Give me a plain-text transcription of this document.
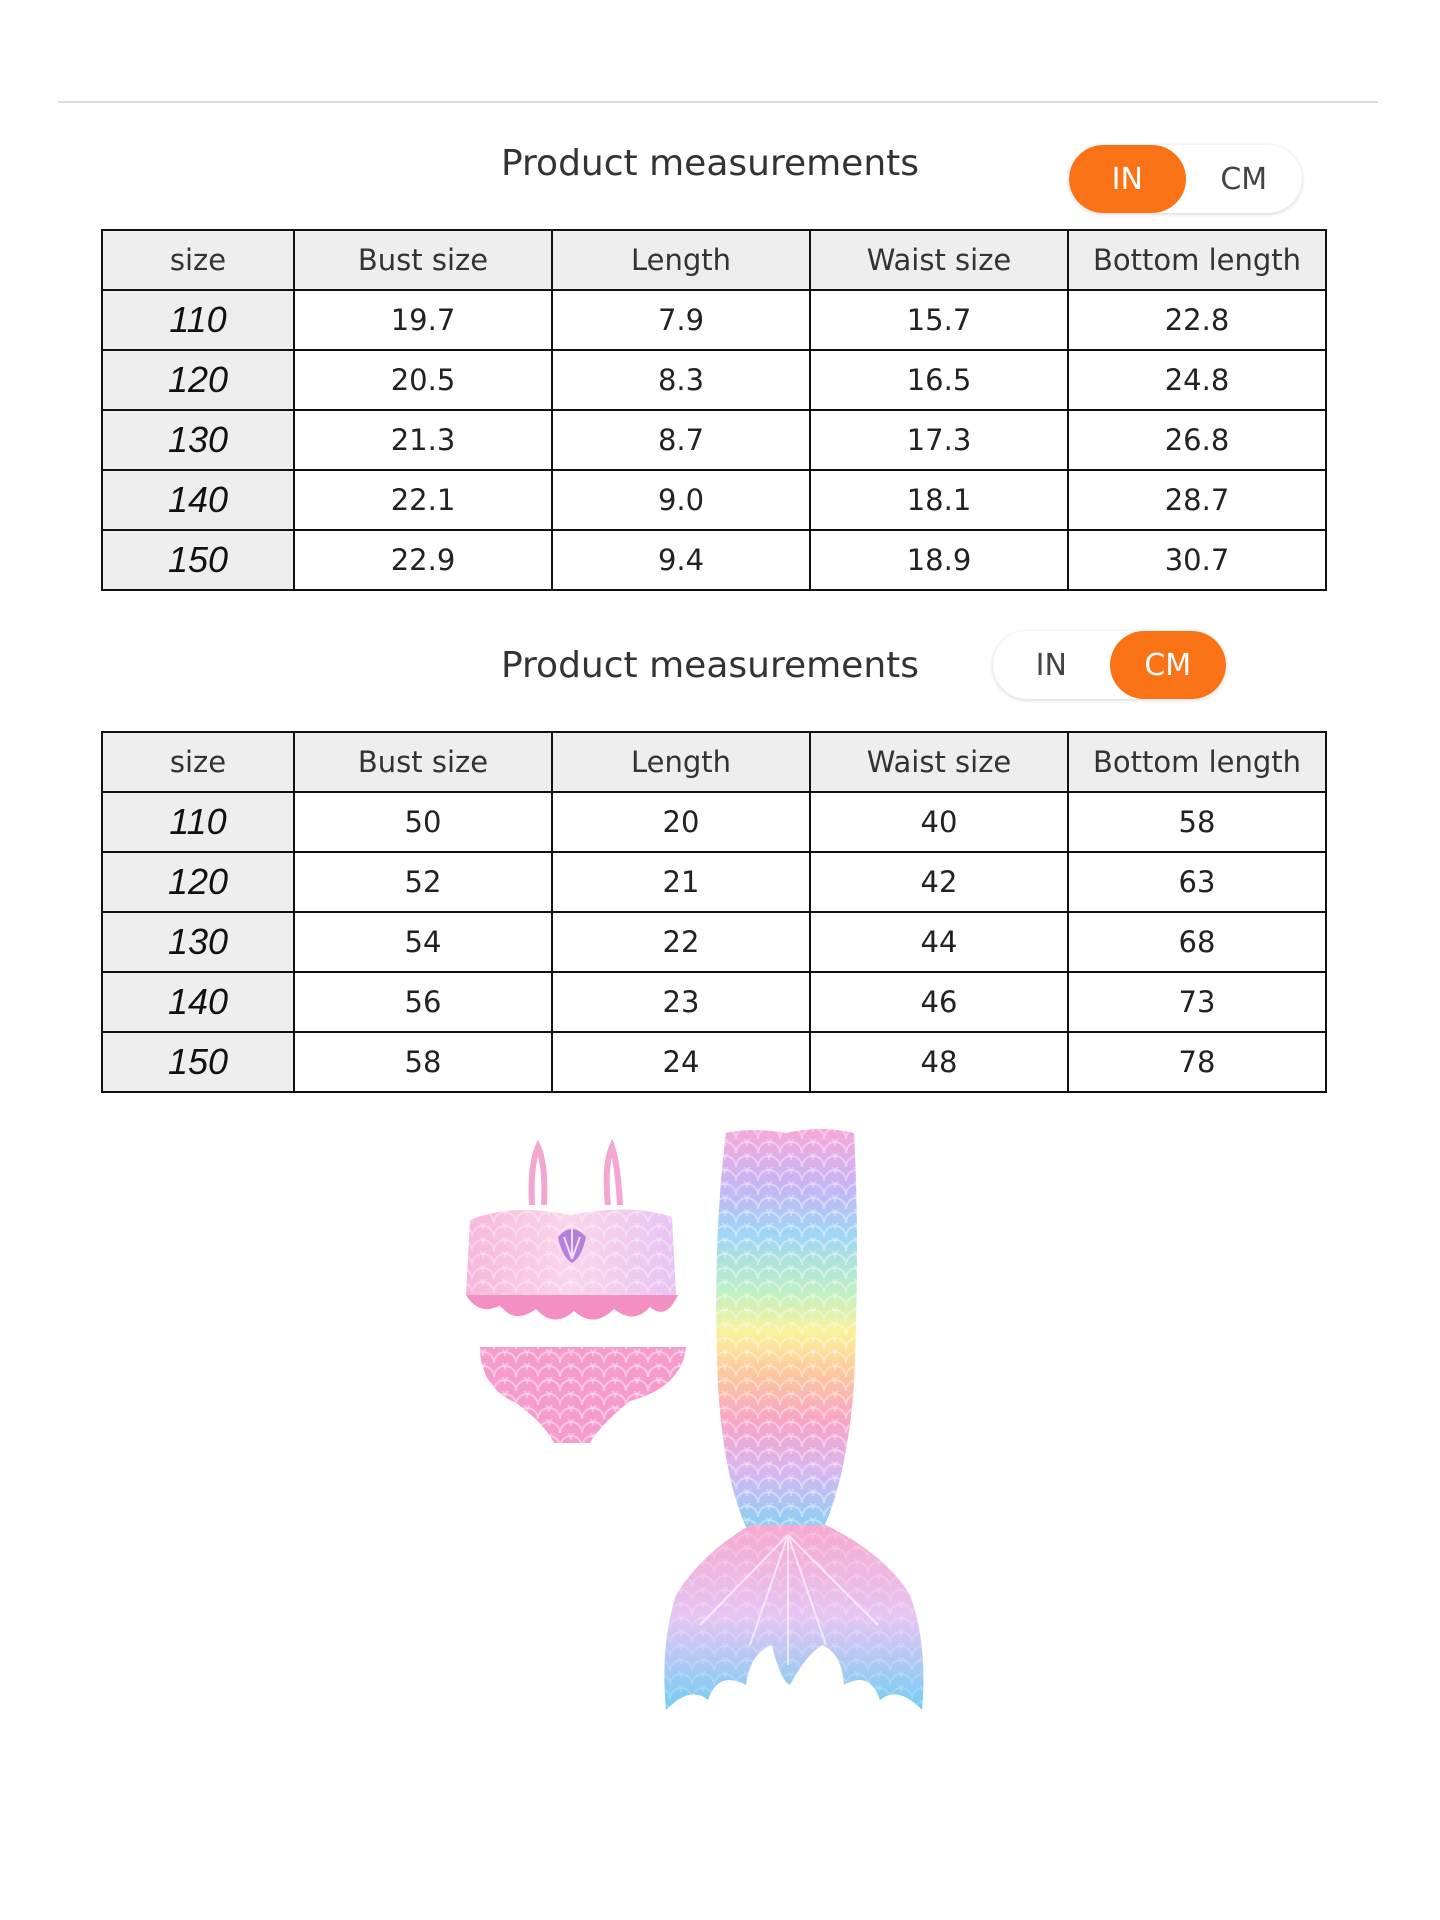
Product measurements	IN	CM
size	Bust size	Length	Waist size	Bottom length
110	19.7	7.9	15.7	22.8
120	20.5	8.3	16.5	24.8
130	21.3	8.7	17.3	26.8
140	22.1	9.0	18.1	28.7
150	22.9	9.4	18.9	30.7
Product measurements	IN	CM
size	Bust size	Length	Waist size	Bottom length
110	50	20	40	58
120	52	21	42	63
130	54	22	44	68
140	56	23	46	73
150	58	24	48	78
